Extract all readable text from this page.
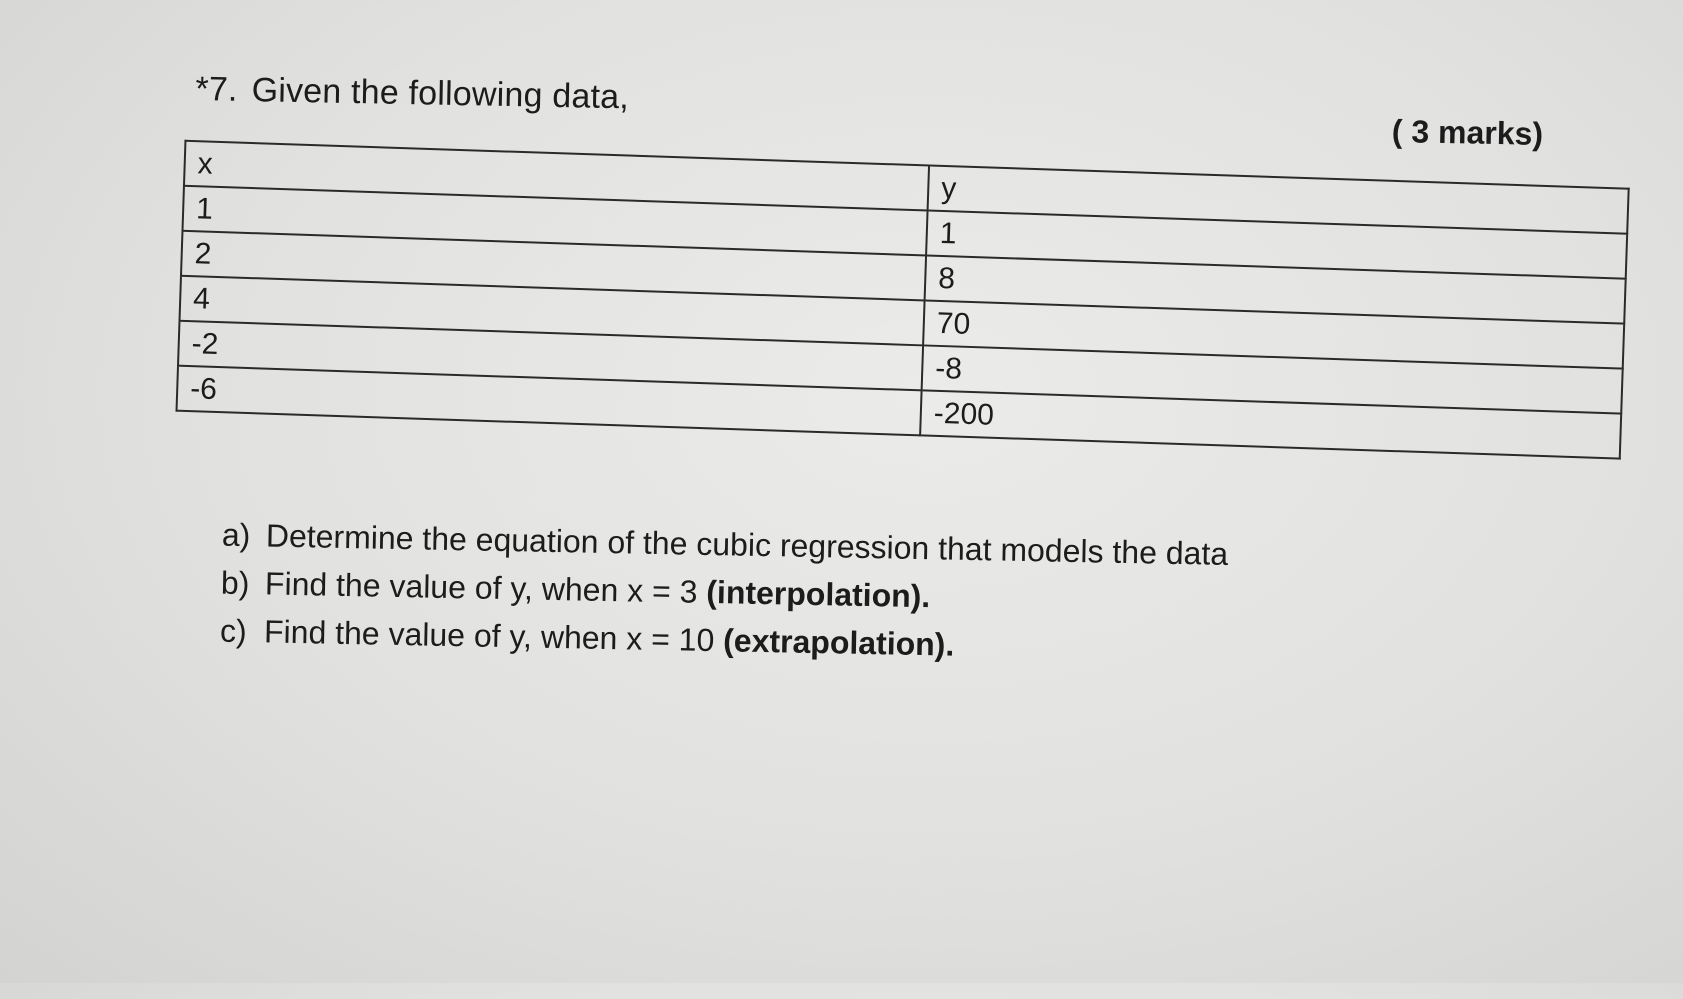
*7. Given the following data,
( 3 marks)
x	y
1	1
2	8
4	70
-2	-8
-6	-200
a) Determine the equation of the cubic regression that models the data
b) Find the value of y, when x = 3 (interpolation).
c) Find the value of y, when x = 10 (extrapolation).
